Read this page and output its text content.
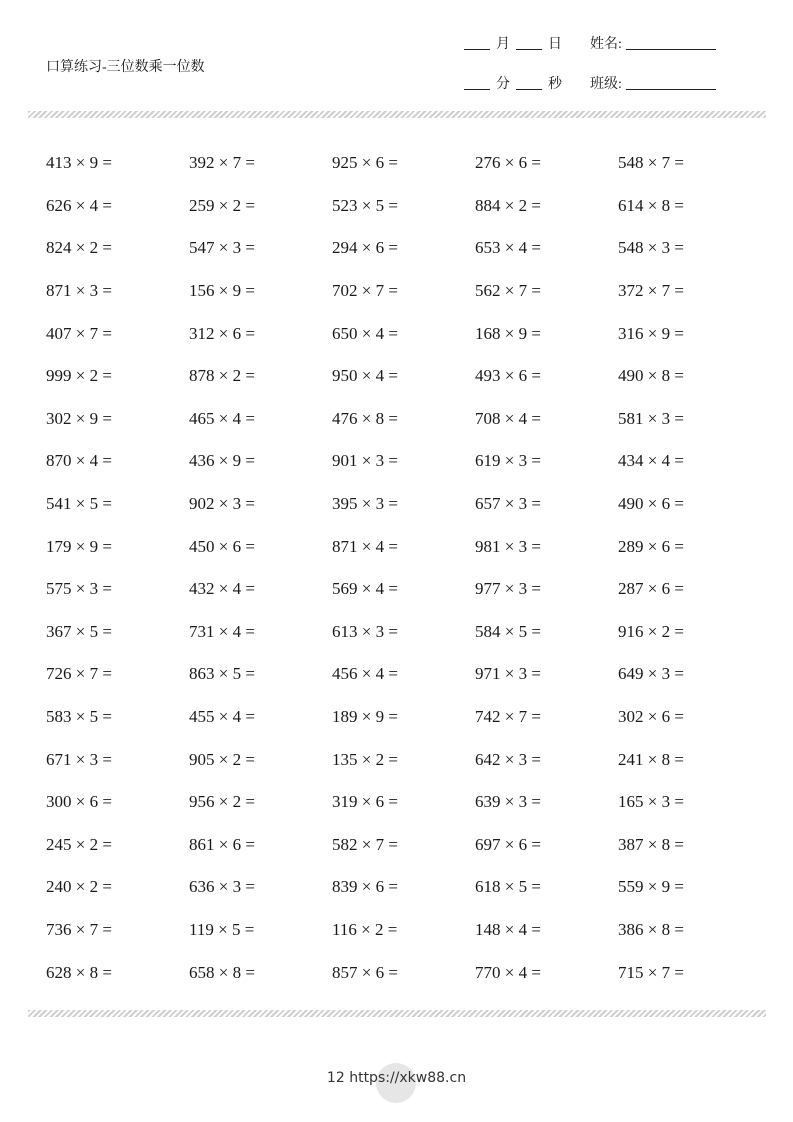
口算练习-三位数乘一位数
月	日
分	秒
姓名:
班级:
413 × 9 =	392 × 7 =	925 × 6 =	276 × 6 =	548 × 7 =
626 × 4 =	259 × 2 =	523 × 5 =	884 × 2 =	614 × 8 =
824 × 2 =	547 × 3 =	294 × 6 =	653 × 4 =	548 × 3 =
871 × 3 =	156 × 9 =	702 × 7 =	562 × 7 =	372 × 7 =
407 × 7 =	312 × 6 =	650 × 4 =	168 × 9 =	316 × 9 =
999 × 2 =	878 × 2 =	950 × 4 =	493 × 6 =	490 × 8 =
302 × 9 =	465 × 4 =	476 × 8 =	708 × 4 =	581 × 3 =
870 × 4 =	436 × 9 =	901 × 3 =	619 × 3 =	434 × 4 =
541 × 5 =	902 × 3 =	395 × 3 =	657 × 3 =	490 × 6 =
179 × 9 =	450 × 6 =	871 × 4 =	981 × 3 =	289 × 6 =
575 × 3 =	432 × 4 =	569 × 4 =	977 × 3 =	287 × 6 =
367 × 5 =	731 × 4 =	613 × 3 =	584 × 5 =	916 × 2 =
726 × 7 =	863 × 5 =	456 × 4 =	971 × 3 =	649 × 3 =
583 × 5 =	455 × 4 =	189 × 9 =	742 × 7 =	302 × 6 =
671 × 3 =	905 × 2 =	135 × 2 =	642 × 3 =	241 × 8 =
300 × 6 =	956 × 2 =	319 × 6 =	639 × 3 =	165 × 3 =
245 × 2 =	861 × 6 =	582 × 7 =	697 × 6 =	387 × 8 =
240 × 2 =	636 × 3 =	839 × 6 =	618 × 5 =	559 × 9 =
736 × 7 =	119 × 5 =	116 × 2 =	148 × 4 =	386 × 8 =
628 × 8 =	658 × 8 =	857 × 6 =	770 × 4 =	715 × 7 =
12 https://xkw88.cn
